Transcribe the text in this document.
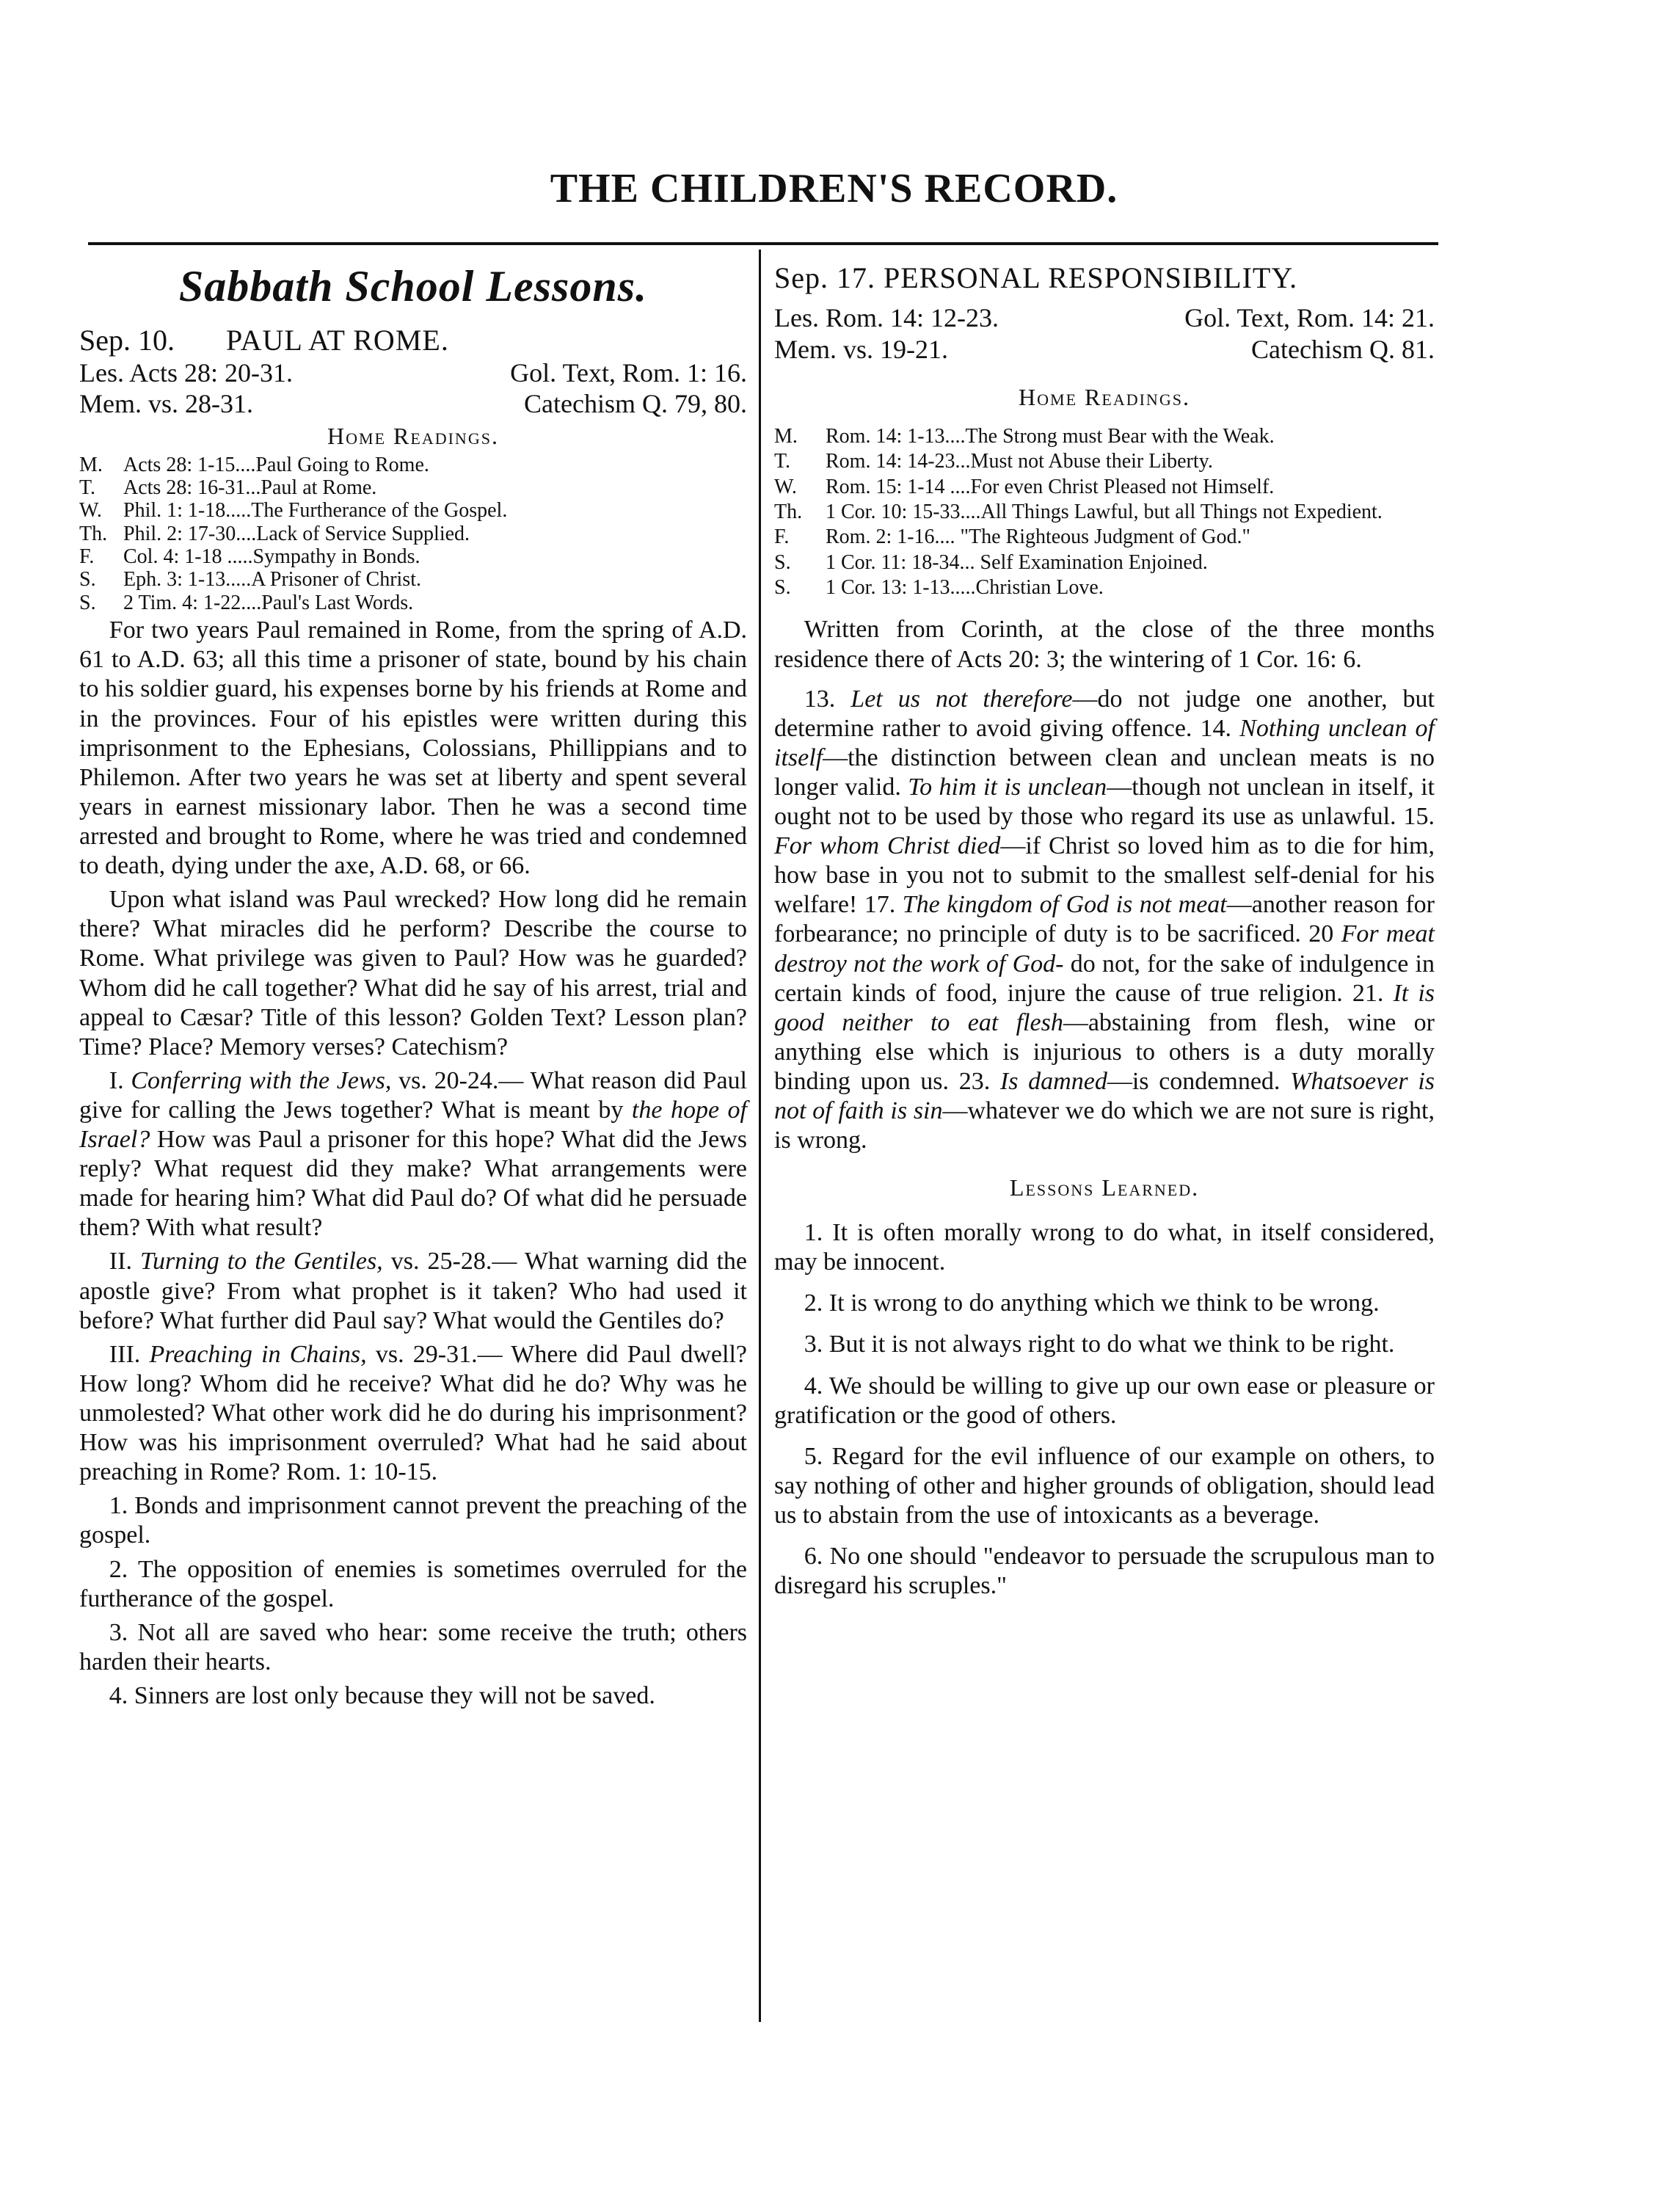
THE CHILDREN'S RECORD.
Sabbath School Lessons.
Sep. 10.	PAUL AT ROME.
Les. Acts 28: 20-31.	Gol. Text, Rom. 1: 16.
Mem. vs. 28-31.	Catechism Q. 79, 80.
Home Readings.
M.	Acts 28: 1-15....Paul Going to Rome.
T.	Acts 28: 16-31...Paul at Rome.
W.	Phil. 1: 1-18.....The Furtherance of the Gospel.
Th. Phil. 2: 17-30....Lack of Service Supplied.
F.	Col. 4: 1-18 .....Sympathy in Bonds.
S.	Eph. 3: 1-13.....A Prisoner of Christ.
S.	2 Tim. 4: 1-22....Paul's Last Words.

For two years Paul remained in Rome, from the spring of A.D. 61 to A.D. 63; all this time a prisoner of state, bound by his chain to his soldier guard, his expenses borne by his friends at Rome and in the provinces. Four of his epistles were written during this imprisonment to the Ephesians, Colossians, Phillippians and to Philemon. After two years he was set at liberty and spent several years in earnest missionary labor. Then he was a second time arrested and brought to Rome, where he was tried and condemned to death, dying under the axe, A.D. 68, or 66.

Upon what island was Paul wrecked? How long did he remain there? What miracles did he perform? Describe the course to Rome. What privilege was given to Paul? How was he guarded? Whom did he call together? What did he say of his arrest, trial and appeal to Cæsar? Title of this lesson? Golden Text? Lesson plan? Time? Place? Memory verses? Catechism?

I. Conferring with the Jews, vs. 20-24.— What reason did Paul give for calling the Jews together? What is meant by the hope of Israel? How was Paul a prisoner for this hope? What did the Jews reply? What request did they make? What arrangements were made for hearing him? What did Paul do? Of what did he persuade them? With what result?
II. Turning to the Gentiles, vs. 25-28.— What warning did the apostle give? From what prophet is it taken? Who had used it before? What further did Paul say? What would the Gentiles do?
III. Preaching in Chains, vs. 29-31.— Where did Paul dwell? How long? Whom did he receive? What did he do? Why was he unmolested? What other work did he do during his imprisonment? How was his imprisonment overruled? What had he said about preaching in Rome? Rom. 1: 10-15.
1. Bonds and imprisonment cannot prevent the preaching of the gospel.
2. The opposition of enemies is sometimes overruled for the furtherance of the gospel.
3. Not all are saved who hear: some receive the truth; others harden their hearts.
4. Sinners are lost only because they will not be saved.
Sep. 17. PERSONAL RESPONSIBILITY.
Les. Rom. 14: 12-23.	Gol. Text, Rom. 14: 21.
Mem. vs. 19-21.	Catechism Q. 81.
Home Readings.
M.	Rom. 14: 1-13....The Strong must Bear with the Weak.
T.	Rom. 14: 14-23...Must not Abuse their Liberty.
W.	Rom. 15: 1-14 ....For even Christ Pleased not Himself.
Th.	1 Cor. 10: 15-33....All Things Lawful, but all Things not Expedient.
F.	Rom. 2: 1-16.... "The Righteous Judgment of God."
S.	1 Cor. 11: 18-34... Self Examination Enjoined.
S.	1 Cor. 13: 1-13.....Christian Love.

Written from Corinth, at the close of the three months residence there of Acts 20: 3; the wintering of 1 Cor. 16: 6.

13. Let us not therefore—do not judge one another, but determine rather to avoid giving offence. 14. Nothing unclean of itself—the distinction between clean and unclean meats is no longer valid. To him it is unclean—though not unclean in itself, it ought not to be used by those who regard its use as unlawful. 15. For whom Christ died—if Christ so loved him as to die for him, how base in you not to submit to the smallest self-denial for his welfare! 17. The kingdom of God is not meat—another reason for forbearance; no principle of duty is to be sacrificed. 20 For meat destroy not the work of God- do not, for the sake of indulgence in certain kinds of food, injure the cause of true religion. 21. It is good neither to eat flesh—abstaining from flesh, wine or anything else which is injurious to others is a duty morally binding upon us. 23. Is damned—is condemned. Whatsoever is not of faith is sin—whatever we do which we are not sure is right, is wrong.

Lessons Learned.
1. It is often morally wrong to do what, in itself considered, may be innocent.
2. It is wrong to do anything which we think to be wrong.
3. But it is not always right to do what we think to be right.
4. We should be willing to give up our own ease or pleasure or gratification or the good of others.
5. Regard for the evil influence of our example on others, to say nothing of other and higher grounds of obligation, should lead us to abstain from the use of intoxicants as a beverage.
6. No one should "endeavor to persuade the scrupulous man to disregard his scruples."
